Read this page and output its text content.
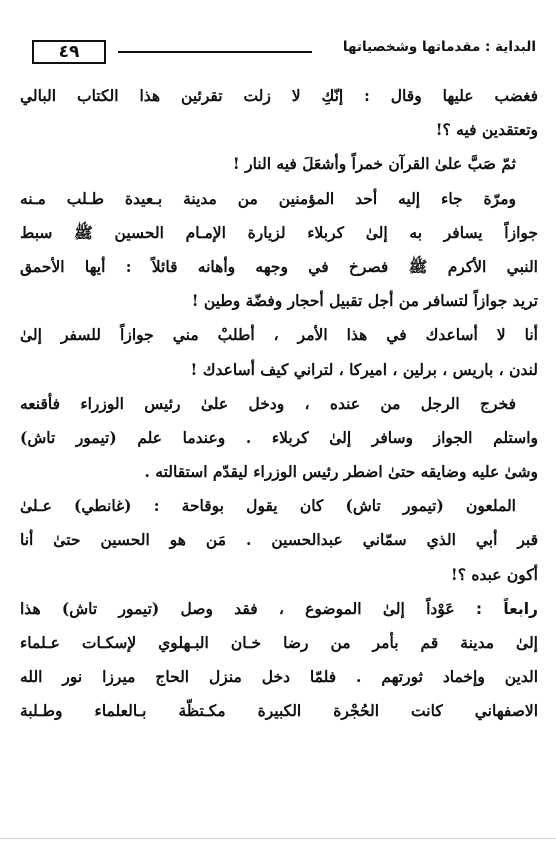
٤٩	البداية : مقدماتها وشخصياتها
فغضب عليها وقال : إنّكِ لا زلت تقرئين هذا الكتاب البالي
وتعتقدين فيه ؟!
ثمّ صَبَّ علىٰ القرآن خمراً وأشعَلَ فيه النار !
ومرّة جاء إليه أحد المؤمنين من مدينة بـعيدة طـلب مـنه
جوازاً يسافر به إلىٰ كربلاء لزيارة الإمـام الحسين ﷺ سبط
النبي الأكرم ﷺ فصرخ في وجهه وأهانه قائلاً : أيها الأحمق
تريد جوازاً لتسافر من أجل تقبيل أحجار وفضّة وطين !
أنا لا أساعدك في هذا الأمر ، أطلبْ مني جوازاً للسفر إلىٰ
لندن ، باريس ، برلين ، اميركا ، لتراني كيف أساعدك !
فخرج الرجل من عنده ، ودخل علىٰ رئيس الوزراء فأقنعه
واستلم الجواز وسافر إلىٰ كربلاء . وعندما علم (تيمور تاش)
وشىٰ عليه وضايقه حتىٰ اضطر رئيس الوزراء ليقدّم استقالته .
الملعون (تيمور تاش) كان يقول بوقاحة : (غانطي) عـلىٰ
قبر أبي الذي سمّاني عبدالحسين . مَن هو الحسين حتىٰ أنا
أكون عبده ؟!
رابعاً : عَوْداً إلىٰ الموضوع ، فقد وصل (تيمور تاش) هذا
إلىٰ مدينة قم بأمر من رضا خـان البـهلوي لإسكـات عـلماء
الدين وإخماد ثورتهم . فلمّا دخل منزل الحاج ميرزا نور الله
الاصفهاني كانت الحُجْرة الكبيرة مكـتظّة بـالعلماء وطـلبة
